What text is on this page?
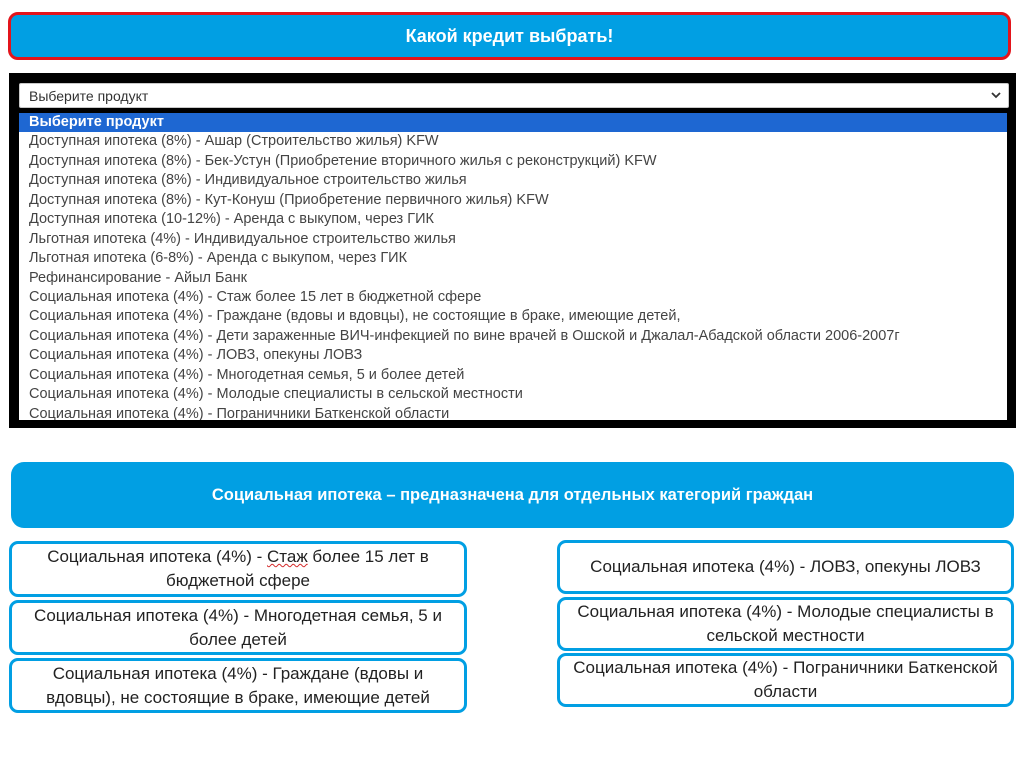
Какой кредит выбрать!
Выберите продукт
Выберите продукт
Доступная ипотека (8%) - Ашар (Строительство жилья) KFW
Доступная ипотека (8%) - Бек-Устун (Приобретение вторичного жилья с реконструкций) KFW
Доступная ипотека (8%) - Индивидуальное строительство жилья
Доступная ипотека (8%) - Кут-Конуш (Приобретение первичного жилья) KFW
Доступная ипотека (10-12%) - Аренда с выкупом, через ГИК
Льготная ипотека (4%) - Индивидуальное строительство жилья
Льготная ипотека (6-8%) - Аренда с выкупом, через ГИК
Рефинансирование - Айыл Банк
Социальная ипотека (4%) - Стаж более 15 лет в бюджетной сфере
Социальная ипотека (4%) - Граждане (вдовы и вдовцы), не состоящие в браке, имеющие детей,
Социальная ипотека (4%) - Дети зараженные ВИЧ-инфекцией по вине врачей в Ошской и Джалал-Абадской области 2006-2007г
Социальная ипотека (4%) - ЛОВЗ, опекуны ЛОВЗ
Социальная ипотека (4%) - Многодетная семья, 5 и более детей
Социальная ипотека (4%) - Молодые специалисты в сельской местности
Социальная ипотека (4%) - Пограничники Баткенской области
Социальная ипотека – предназначена для отдельных категорий граждан
Социальная ипотека (4%) - Стаж более 15 лет в бюджетной сфере
Социальная ипотека (4%) - Многодетная семья, 5 и более детей
Социальная ипотека (4%) - Граждане (вдовы и вдовцы), не состоящие в браке, имеющие детей
Социальная ипотека (4%) - ЛОВЗ, опекуны ЛОВЗ
Социальная ипотека (4%) - Молодые специалисты в сельской местности
Социальная ипотека (4%) - Пограничники Баткенской области
